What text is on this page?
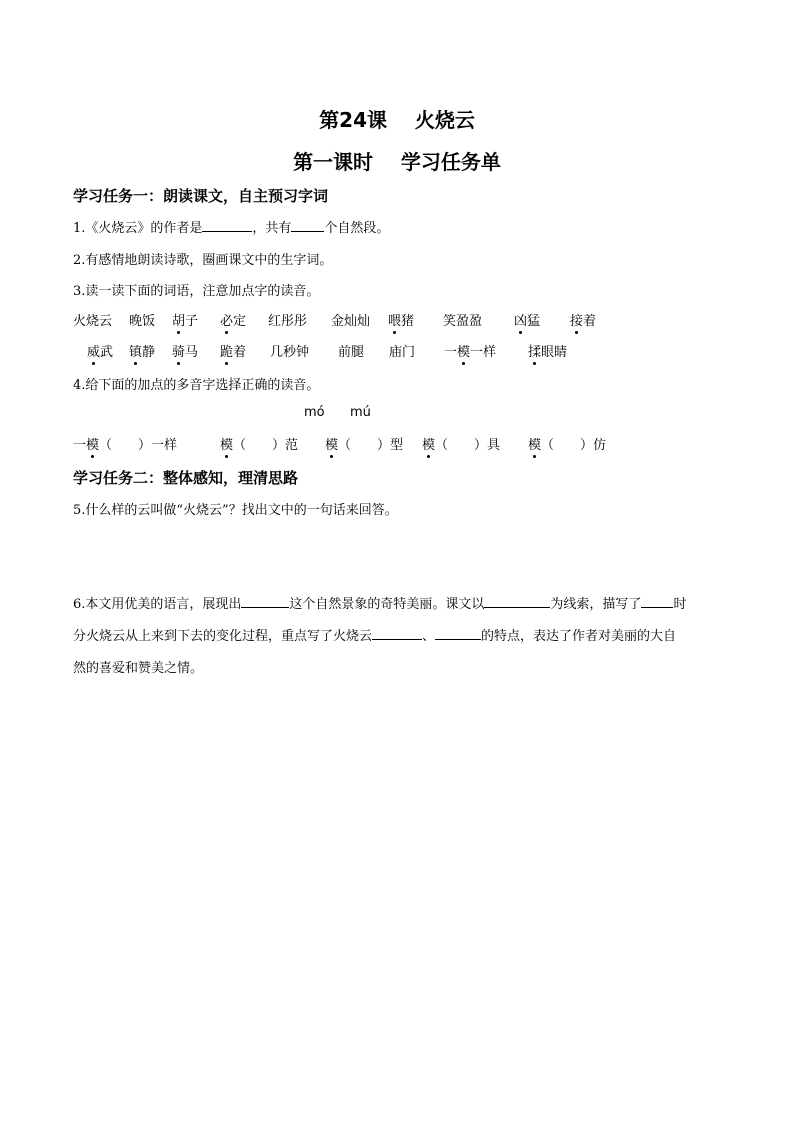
第24课    火烧云
第一课时    学习任务单
学习任务一：朗读课文，自主预习字词
1.《火烧云》的作者是	，共有	个自然段。
2.有感情地朗读诗歌，圈画课文中的生字词。
3.读一读下面的词语，注意加点字的读音。
火烧云 晚饭 胡子 必定 红彤彤 金灿灿 喂猪 笑盈盈 凶猛 接着
威武 镇静 骑马 跪着 几秒钟 前腿 庙门 一模一样 揉眼睛
4.给下面的加点的多音字选择正确的读音。
mó mú
一模（　　）一样	模（　　）范 模（　　）型 模（　　）具 模（　　）仿
学习任务二：整体感知，理清思路
5.什么样的云叫做“火烧云”？找出文中的一句话来回答。
6.本文用优美的语言，展现出	这个自然景象的奇特美丽。课文以	为线索，描写了 时
分火烧云从上来到下去的变化过程，重点写了火烧云	、	的特点，表达了作者对美丽的大自
然的喜爱和赞美之情。
